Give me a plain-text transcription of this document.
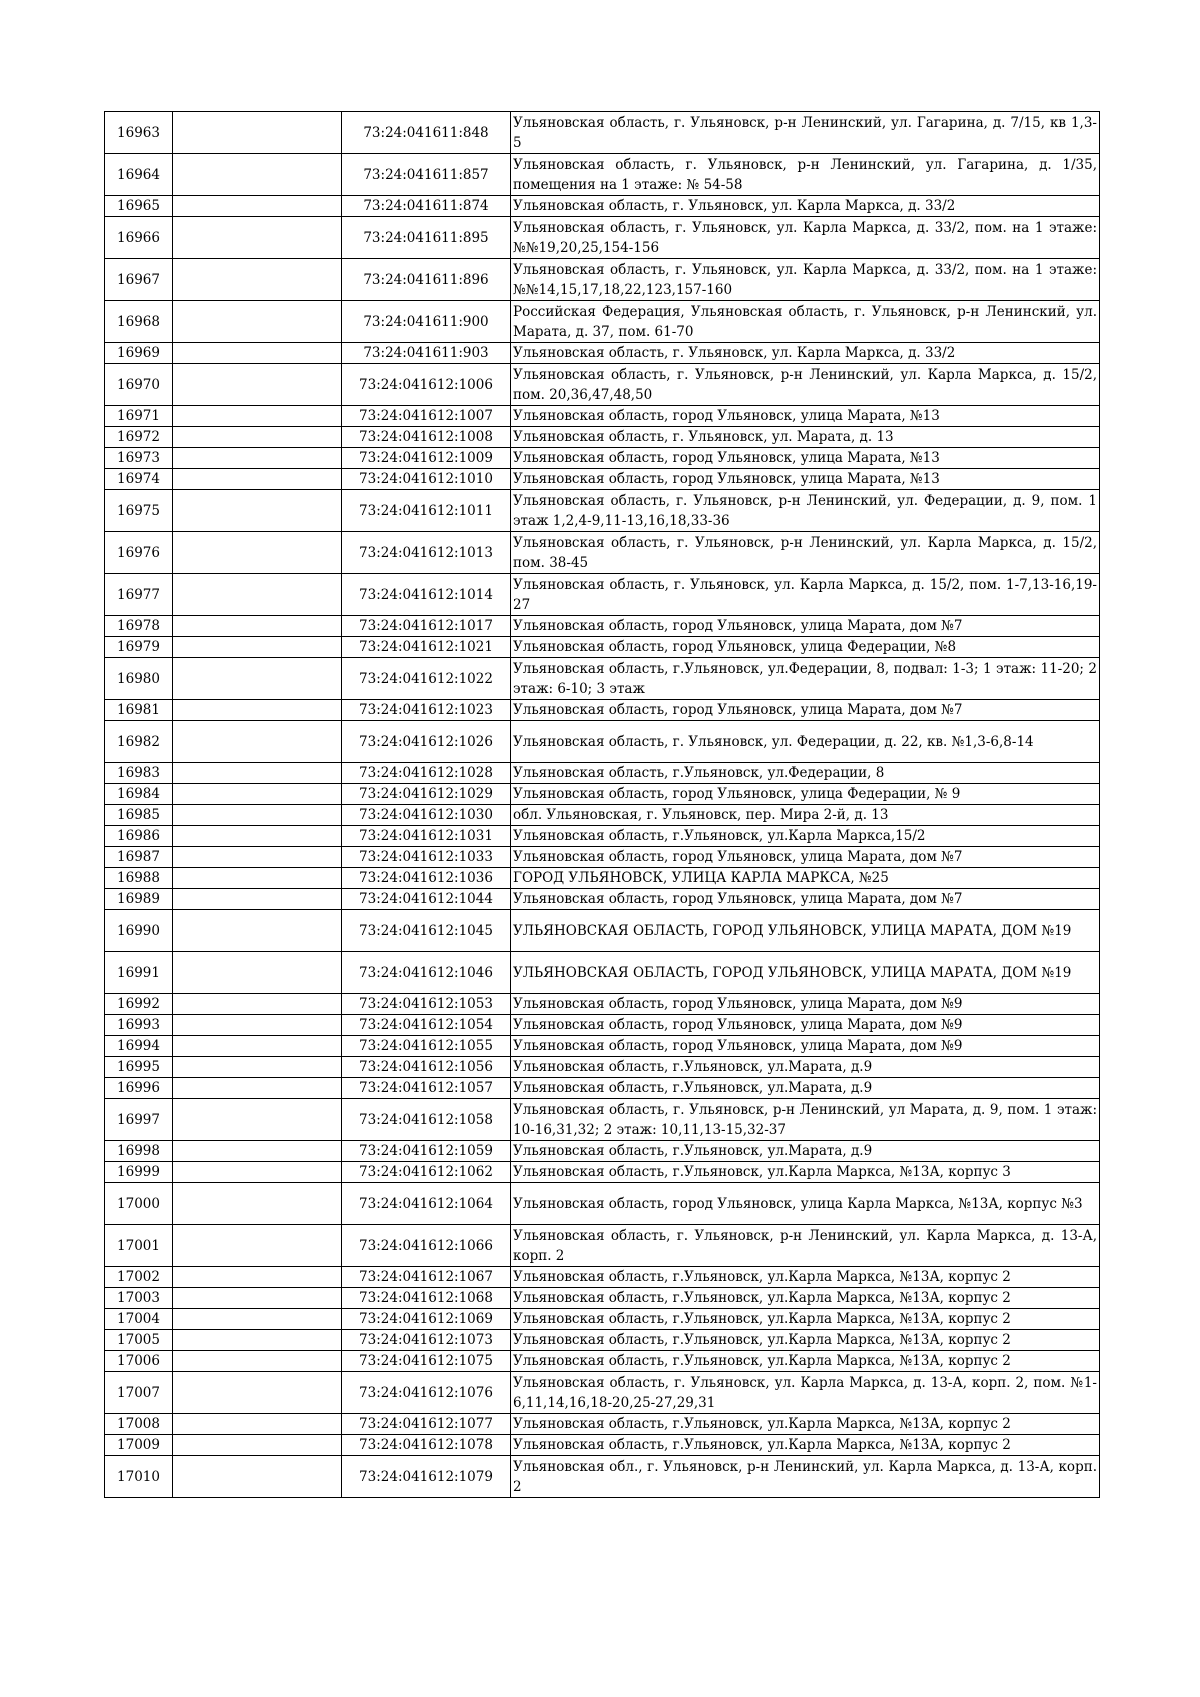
16963		73:24:041611:848	Ульяновская область, г. Ульяновск, р-н Ленинский, ул. Гагарина, д. 7/15, кв 1,3-5
16964		73:24:041611:857	Ульяновская область, г. Ульяновск, р-н Ленинский, ул. Гагарина, д. 1/35, помещения на 1 этаже: № 54-58
16965		73:24:041611:874	Ульяновская область, г. Ульяновск, ул. Карла Маркса, д. 33/2
16966		73:24:041611:895	Ульяновская область, г. Ульяновск, ул. Карла Маркса, д. 33/2, пом. на 1 этаже: №№19,20,25,154-156
16967		73:24:041611:896	Ульяновская область, г. Ульяновск, ул. Карла Маркса, д. 33/2, пом. на 1 этаже: №№14,15,17,18,22,123,157-160
16968		73:24:041611:900	Российская Федерация, Ульяновская область, г. Ульяновск, р-н Ленинский, ул. Марата, д. 37, пом. 61-70
16969		73:24:041611:903	Ульяновская область, г. Ульяновск, ул. Карла Маркса, д. 33/2
16970		73:24:041612:1006	Ульяновская область, г. Ульяновск, р-н Ленинский, ул. Карла Маркса, д. 15/2, пом. 20,36,47,48,50
16971		73:24:041612:1007	Ульяновская область, город Ульяновск, улица Марата, №13
16972		73:24:041612:1008	Ульяновская область, г. Ульяновск, ул. Марата, д. 13
16973		73:24:041612:1009	Ульяновская область, город Ульяновск, улица Марата, №13
16974		73:24:041612:1010	Ульяновская область, город Ульяновск, улица Марата, №13
16975		73:24:041612:1011	Ульяновская область, г. Ульяновск, р-н Ленинский, ул. Федерации, д. 9, пом. 1 этаж 1,2,4-9,11-13,16,18,33-36
16976		73:24:041612:1013	Ульяновская область, г. Ульяновск, р-н Ленинский, ул. Карла Маркса, д. 15/2, пом. 38-45
16977		73:24:041612:1014	Ульяновская область, г. Ульяновск, ул. Карла Маркса, д. 15/2, пом. 1-7,13-16,19-27
16978		73:24:041612:1017	Ульяновская область, город Ульяновск, улица Марата, дом №7
16979		73:24:041612:1021	Ульяновская область, город Ульяновск, улица Федерации, №8
16980		73:24:041612:1022	Ульяновская область, г.Ульяновск, ул.Федерации, 8, подвал: 1-3; 1 этаж: 11-20; 2 этаж: 6-10; 3 этаж
16981		73:24:041612:1023	Ульяновская область, город Ульяновск, улица Марата, дом №7
16982		73:24:041612:1026	Ульяновская область, г. Ульяновск, ул. Федерации, д. 22, кв. №1,3-6,8-14
16983		73:24:041612:1028	Ульяновская область, г.Ульяновск, ул.Федерации, 8
16984		73:24:041612:1029	Ульяновская область, город Ульяновск, улица Федерации, № 9
16985		73:24:041612:1030	обл. Ульяновская, г. Ульяновск, пер. Мира 2-й, д. 13
16986		73:24:041612:1031	Ульяновская область, г.Ульяновск, ул.Карла Маркса,15/2
16987		73:24:041612:1033	Ульяновская область, город Ульяновск, улица Марата, дом №7
16988		73:24:041612:1036	ГОРОД УЛЬЯНОВСК, УЛИЦА КАРЛА МАРКСА, №25
16989		73:24:041612:1044	Ульяновская область, город Ульяновск, улица Марата, дом №7
16990		73:24:041612:1045	УЛЬЯНОВСКАЯ ОБЛАСТЬ, ГОРОД УЛЬЯНОВСК, УЛИЦА МАРАТА, ДОМ №19
16991		73:24:041612:1046	УЛЬЯНОВСКАЯ ОБЛАСТЬ, ГОРОД УЛЬЯНОВСК, УЛИЦА МАРАТА, ДОМ №19
16992		73:24:041612:1053	Ульяновская область, город Ульяновск, улица Марата, дом №9
16993		73:24:041612:1054	Ульяновская область, город Ульяновск, улица Марата, дом №9
16994		73:24:041612:1055	Ульяновская область, город Ульяновск, улица Марата, дом №9
16995		73:24:041612:1056	Ульяновская область, г.Ульяновск, ул.Марата, д.9
16996		73:24:041612:1057	Ульяновская область, г.Ульяновск, ул.Марата, д.9
16997		73:24:041612:1058	Ульяновская область, г. Ульяновск, р-н Ленинский, ул Марата, д. 9, пом. 1 этаж: 10-16,31,32; 2 этаж: 10,11,13-15,32-37
16998		73:24:041612:1059	Ульяновская область, г.Ульяновск, ул.Марата, д.9
16999		73:24:041612:1062	Ульяновская область, г.Ульяновск, ул.Карла Маркса, №13А, корпус 3
17000		73:24:041612:1064	Ульяновская область, город Ульяновск, улица Карла Маркса, №13А, корпус №3
17001		73:24:041612:1066	Ульяновская область, г. Ульяновск, р-н Ленинский, ул. Карла Маркса, д. 13-А, корп. 2
17002		73:24:041612:1067	Ульяновская область, г.Ульяновск, ул.Карла Маркса, №13А, корпус 2
17003		73:24:041612:1068	Ульяновская область, г.Ульяновск, ул.Карла Маркса, №13А, корпус 2
17004		73:24:041612:1069	Ульяновская область, г.Ульяновск, ул.Карла Маркса, №13А, корпус 2
17005		73:24:041612:1073	Ульяновская область, г.Ульяновск, ул.Карла Маркса, №13А, корпус 2
17006		73:24:041612:1075	Ульяновская область, г.Ульяновск, ул.Карла Маркса, №13А, корпус 2
17007		73:24:041612:1076	Ульяновская область, г. Ульяновск, ул. Карла Маркса, д. 13-А, корп. 2, пом. №1-6,11,14,16,18-20,25-27,29,31
17008		73:24:041612:1077	Ульяновская область, г.Ульяновск, ул.Карла Маркса, №13А, корпус 2
17009		73:24:041612:1078	Ульяновская область, г.Ульяновск, ул.Карла Маркса, №13А, корпус 2
17010		73:24:041612:1079	Ульяновская обл., г. Ульяновск, р-н Ленинский, ул. Карла Маркса, д. 13-А, корп. 2
